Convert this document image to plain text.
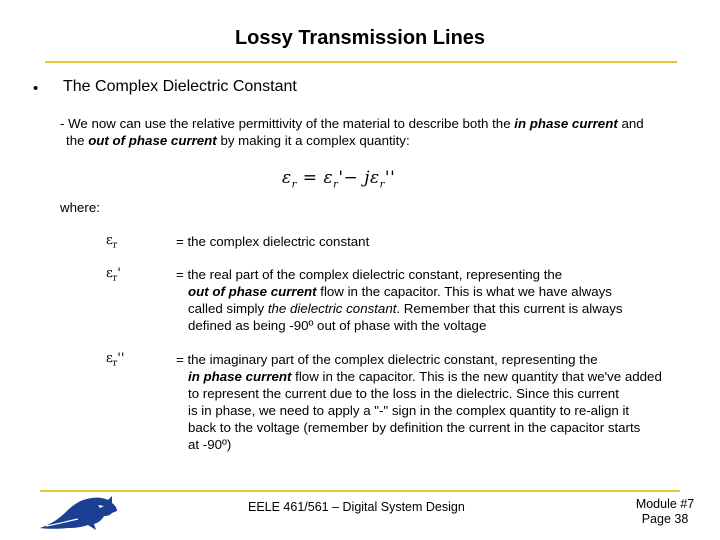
Lossy Transmission Lines
• The Complex Dielectric Constant
- We now can use the relative permittivity of the material to describe both the in phase current and
the out of phase current by making it a complex quantity:
$\varepsilon_r = \varepsilon_r'- j\varepsilon_r''$
where:
$\varepsilon_r$	= the complex dielectric constant
$\varepsilon_r'$	= the real part of the complex dielectric constant, representing the
out of phase current flow in the capacitor. This is what we have always
called simply the dielectric constant. Remember that this current is always
defined as being -90º out of phase with the voltage
$\varepsilon_r''$	= the imaginary part of the complex dielectric constant, representing the
in phase current flow in the capacitor. This is the new quantity that we've added
to represent the current due to the loss in the dielectric. Since this current
is in phase, we need to apply a "-" sign in the complex quantity to re-align it
back to the voltage (remember by definition the current in the capacitor starts
at -90º)
EELE 461/561 – Digital System Design	Module #7
Page 38
